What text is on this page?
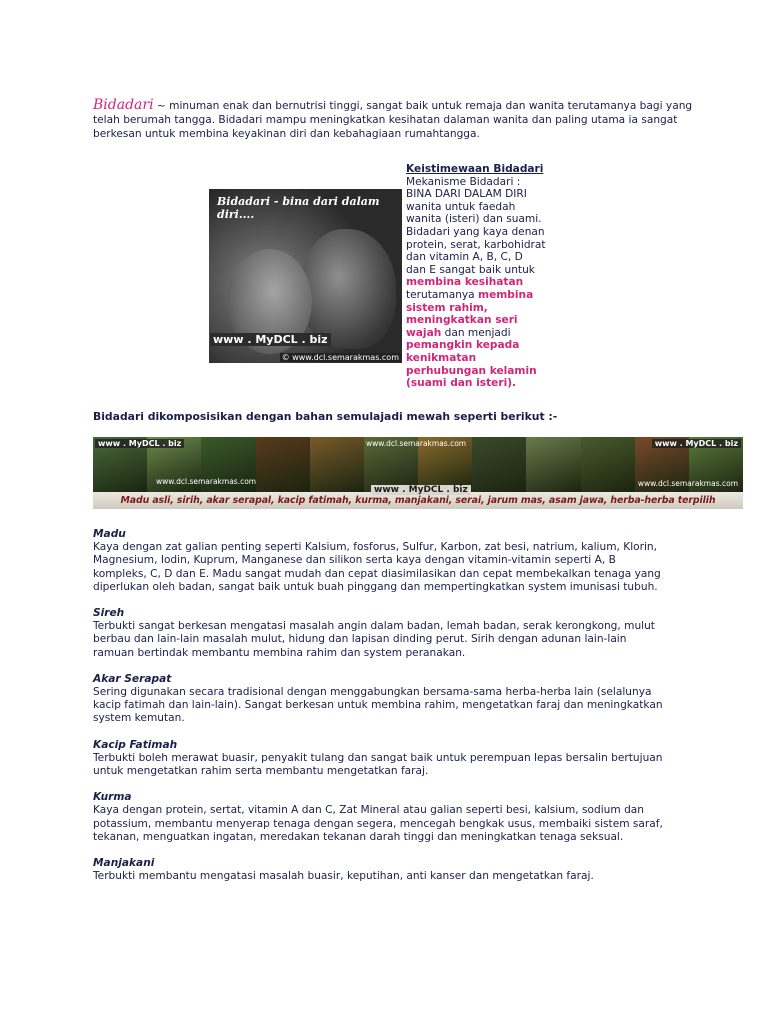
Bidadari ~ minuman enak dan bernutrisi tinggi, sangat baik untuk remaja dan wanita terutamanya bagi yang telah berumah tangga. Bidadari mampu meningkatkan kesihatan dalaman wanita dan paling utama ia sangat berkesan untuk membina keyakinan diri dan kebahagiaan rumahtangga.
Bidadari - bina dari dalam diri....
www . MyDCL . biz
© www.dcl.semarakmas.com
Keistimewaan Bidadari
Mekanisme Bidadari : BINA DARI DALAM DIRI wanita untuk faedah wanita (isteri) dan suami. Bidadari yang kaya denan protein, serat, karbohidrat dan vitamin A, B, C, D dan E sangat baik untuk membina kesihatan terutamanya membina sistem rahim, meningkatkan seri wajah dan menjadi pemangkin kepada kenikmatan perhubungan kelamin (suami dan isteri).
Bidadari dikomposisikan dengan bahan semulajadi mewah seperti berikut :-
www . MyDCL . biz	www . MyDCL . biz
www.dcl.semarakmas.com
www.dcl.semarakmas.com	www.dcl.semarakmas.com
Madu asli, sirih, akar serapal, kacip fatimah, kurma, manjakani, serai, jarum mas, asam jawa, herba-herba terpilih
www . MyDCL . biz
Madu
Kaya dengan zat galian penting seperti Kalsium, fosforus, Sulfur, Karbon, zat besi, natrium, kalium, Klorin, Magnesium, Iodin, Kuprum, Manganese dan silikon serta kaya dengan vitamin-vitamin seperti A, B kompleks, C, D dan E. Madu sangat mudah dan cepat diasimilasikan dan cepat membekalkan tenaga yang diperlukan oleh badan, sangat baik untuk buah pinggang dan mempertingkatkan system imunisasi tubuh.
Sireh
Terbukti sangat berkesan mengatasi masalah angin dalam badan, lemah badan, serak kerongkong, mulut berbau dan lain-lain masalah mulut, hidung dan lapisan dinding perut. Sirih dengan adunan lain-lain ramuan bertindak membantu membina rahim dan system peranakan.
Akar Serapat
Sering digunakan secara tradisional dengan menggabungkan bersama-sama herba-herba lain (selalunya kacip fatimah dan lain-lain). Sangat berkesan untuk membina rahim, mengetatkan faraj dan meningkatkan system kemutan.
Kacip Fatimah
Terbukti boleh merawat buasir, penyakit tulang dan sangat baik untuk perempuan lepas bersalin bertujuan untuk mengetatkan rahim serta membantu mengetatkan faraj.
Kurma
Kaya dengan protein, sertat, vitamin A dan C, Zat Mineral atau galian seperti besi, kalsium, sodium dan potassium, membantu menyerap tenaga dengan segera, mencegah bengkak usus, membaiki sistem saraf, tekanan, menguatkan ingatan, meredakan tekanan darah tinggi dan meningkatkan tenaga seksual.
Manjakani
Terbukti membantu mengatasi masalah buasir, keputihan, anti kanser dan mengetatkan faraj.
